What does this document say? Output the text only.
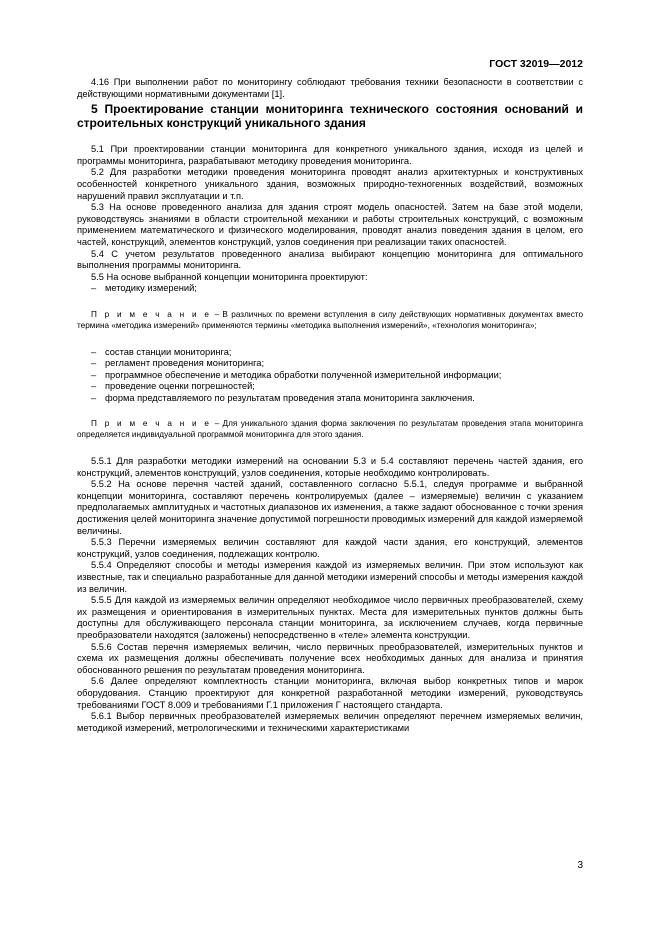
ГОСТ 32019—2012

4.16 При выполнении работ по мониторингу соблюдают требования техники безопасности в соответствии с действующими нормативными документами [1].

5 Проектирование станции мониторинга технического состояния оснований и строительных конструкций уникального здания

5.1 При проектировании станции мониторинга для конкретного уникального здания, исходя из целей и программы мониторинга, разрабатывают методику проведения мониторинга.

5.2 Для разработки методики проведения мониторинга проводят анализ архитектурных и конструктивных особенностей конкретного уникального здания, возможных природно-техногенных воздействий, возможных нарушений правил эксплуатации и т.п.

5.3 На основе проведенного анализа для здания строят модель опасностей. Затем на базе этой модели, руководствуясь знаниями в области строительной механики и работы строительных конструкций, с возможным применением математического и физического моделирования, проводят анализ поведения здания в целом, его частей, конструкций, элементов конструкций, узлов соединения при реализации таких опасностей.

5.4 С учетом результатов проведенного анализа выбирают концепцию мониторинга для оптимального выполнения программы мониторинга.

5.5 На основе выбранной концепции мониторинга проектируют:

– методику измерений;

П р и м е ч а н и е – В различных по времени вступления в силу действующих нормативных документах вместо термина «методика измерений» применяются термины «методика выполнения измерений», «технология мониторинга»;

– состав станции мониторинга;
– регламент проведения мониторинга;

– программное обеспечение и методика обработки полученной измерительной информации;

– проведение оценки погрешностей;
– форма представляемого по результатам проведения этапа мониторинга заключения.

П р и м е ч а н и е – Для уникального здания форма заключения по результатам проведения этапа мониторинга определяется индивидуальной программой мониторинга для этого здания.

5.5.1 Для разработки методики измерений на основании 5.3 и 5.4 составляют перечень частей здания, его конструкций, элементов конструкций, узлов соединения, которые необходимо контролировать.

5.5.2 На основе перечня частей зданий, составленного согласно 5.5.1, следуя программе и выбранной концепции мониторинга, составляют перечень контролируемых (далее – измеряемые) величин с указанием предполагаемых амплитудных и частотных диапазонов их изменения, а также задают обоснованное с точки зрения достижения целей мониторинга значение допустимой погрешности проводимых измерений для каждой измеряемой величины.

5.5.3 Перечни измеряемых величин составляют для каждой части здания, его конструкций, элементов конструкций, узлов соединения, подлежащих контролю.

5.5.4 Определяют способы и методы измерения каждой из измеряемых величин. При этом используют как известные, так и специально разработанные для данной методики измерений способы и методы измерения каждой из величин.

5.5.5 Для каждой из измеряемых величин определяют необходимое число первичных преобразователей, схему их размещения и ориентирования в измерительных пунктах. Места для измерительных пунктов должны быть доступны для обслуживающего персонала станции мониторинга, за исключением случаев, когда первичные преобразователи находятся (заложены) непосредственно в «теле» элемента конструкции.

5.5.6 Состав перечня измеряемых величин, число первичных преобразователей, измерительных пунктов и схема их размещения должны обеспечивать получение всех необходимых данных для анализа и принятия обоснованного решения по результатам проведения мониторинга.

5.6 Далее определяют комплектность станции мониторинга, включая выбор конкретных типов и марок оборудования. Станцию проектируют для конкретной разработанной методики измерений, руководствуясь требованиями ГОСТ 8.009 и требованиями Г.1 приложения Г настоящего стандарта.

5.6.1 Выбор первичных преобразователей измеряемых величин определяют перечнем измеряемых величин, методикой измерений, метрологическими и техническими характеристиками

3
